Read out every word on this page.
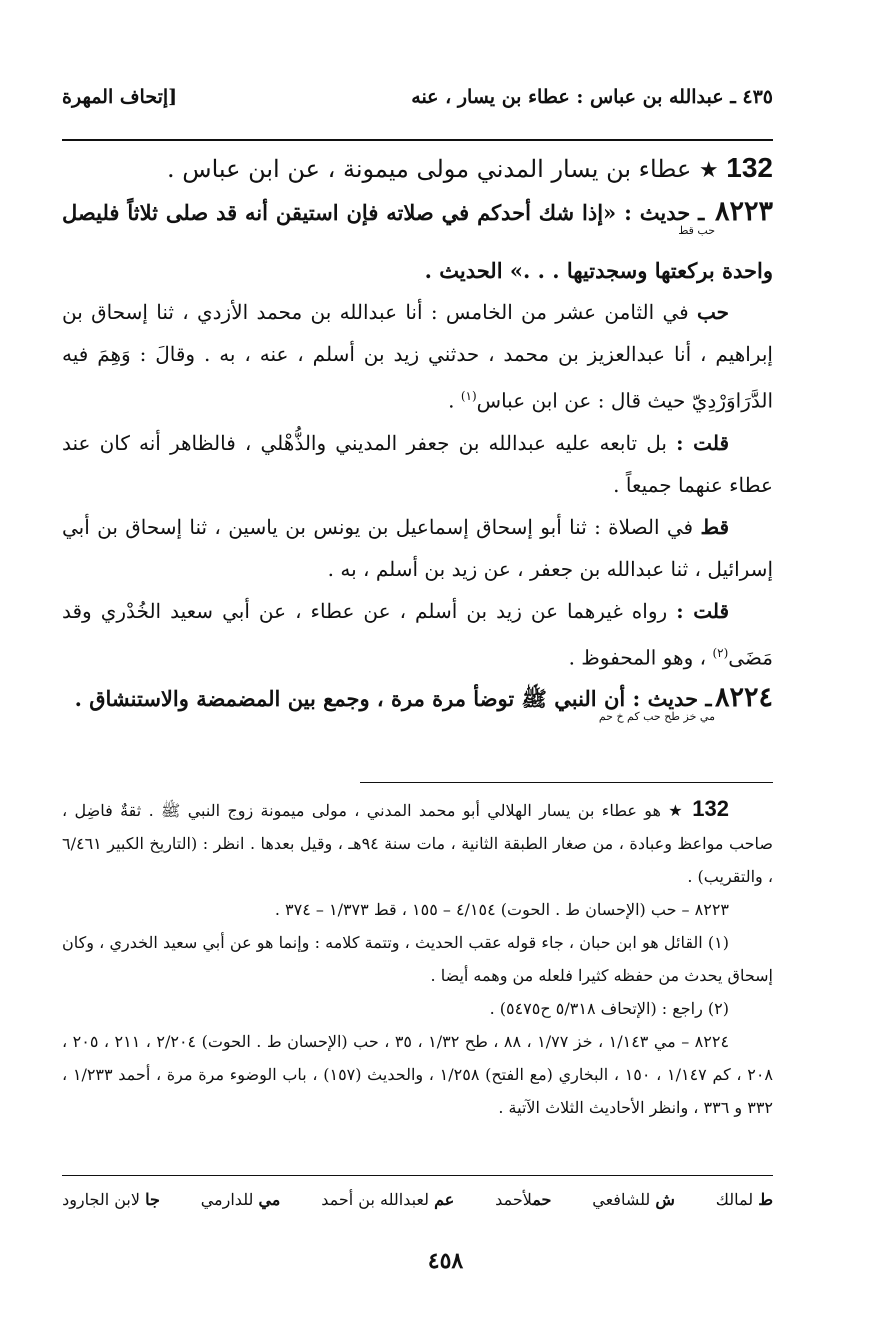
٤٣٥ ـ عبدالله بن عباس : عطاء بن يسار ، عنه
[إتحاف المهرة

132 ★ عطاء بن يسار المدني مولى ميمونة ، عن ابن عباس .

٨٢٢٣حب قط ـ حديث : «إذا شك أحدكم في صلاته فإن استيقن أنه قد صلى ثلاثاً فليصل واحدة بركعتها وسجدتيها . . .» الحديث .

حب في الثامن عشر من الخامس : أنا عبدالله بن محمد الأزدي ، ثنا إسحاق بن إبراهيم ، أنا عبدالعزيز بن محمد ، حدثني زيد بن أسلم ، عنه ، به . وقالَ : وَهِمَ فيه الدَّرَاوَرْدِيّ حيث قال : عن ابن عباس$^{(١)}$ .

قلت : بل تابعه عليه عبدالله بن جعفر المديني والذُّهْلي ، فالظاهر أنه كان عند عطاء عنهما جميعاً .

قط في الصلاة : ثنا أبو إسحاق إسماعيل بن يونس بن ياسين ، ثنا إسحاق بن أبي إسرائيل ، ثنا عبدالله بن جعفر ، عن زيد بن أسلم ، به .

قلت : رواه غيرهما عن زيد بن أسلم ، عن عطاء ، عن أبي سعيد الخُدْري وقد مَضَى$^{(٢)}$ ، وهو المحفوظ .

٨٢٢٤مي خز طح حب كم خ حم ـ حديث : أن النبي ﷺ توضأ مرة مرة ، وجمع بين المضمضة والاستنشاق .

132 ★ هو عطاء بن يسار الهلالي أبو محمد المدني ، مولى ميمونة زوج النبي ﷺ . ثقةٌ فاضِل ، صاحب مواعظ وعبادة ، من صغار الطبقة الثانية ، مات سنة ٩٤هـ ، وقيل بعدها . انظر : (التاريخ الكبير ٦/٤٦١ ، والتقريب) .

٨٢٢٣ – حب (الإحسان ط . الحوت) ٤/١٥٤ – ١٥٥ ، قط ١/٣٧٣ – ٣٧٤ .

(١) القائل هو ابن حبان ، جاء قوله عقب الحديث ، وتتمة كلامه : وإنما هو عن أبي سعيد الخدري ، وكان إسحاق يحدث من حفظه كثيرا فلعله من وهمه أيضا .

(٢) راجع : (الإتحاف ٥/٣١٨ ح٥٤٧٥) .

٨٢٢٤ – مي ١/١٤٣ ، خز ١/٧٧ ، ٨٨ ، طح ١/٣٢ ، ٣٥ ، حب (الإحسان ط . الحوت) ٢/٢٠٤ ، ٢١١ ، ٢٠٥ ، ٢٠٨ ، كم ١/١٤٧ ، ١٥٠ ، البخاري (مع الفتح) ١/٢٥٨ ، والحديث (١٥٧) ، باب الوضوء مرة مرة ، أحمد ١/٢٣٣ ، ٣٣٢ و ٣٣٦ ، وانظر الأحاديث الثلاث الآتية .

ط لمالك
ش للشافعي
حملأحمد
عم لعبدالله بن أحمد
مي للدارمي
جا لابن الجارود
٤٥٨
